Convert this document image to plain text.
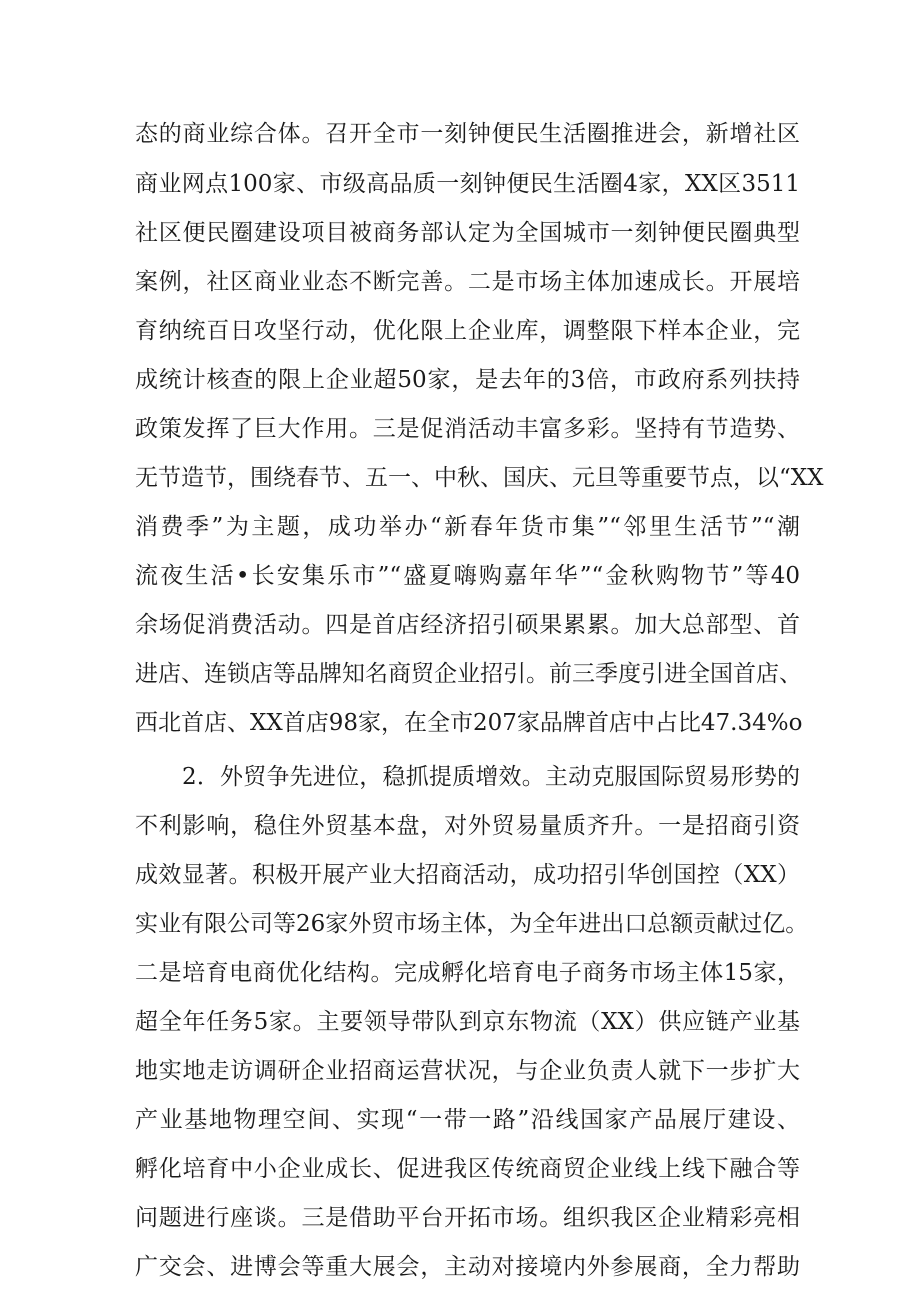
态的商业综合体。召开全市一刻钟便民生活圈推进会，新增社区
商业网点100家、市级高品质一刻钟便民生活圈4家，XX区3511
社区便民圈建设项目被商务部认定为全国城市一刻钟便民圈典型
案例，社区商业业态不断完善。二是市场主体加速成长。开展培
育纳统百日攻坚行动，优化限上企业库，调整限下样本企业，完
成统计核查的限上企业超50家，是去年的3倍，市政府系列扶持
政策发挥了巨大作用。三是促消活动丰富多彩。坚持有节造势、
无节造节，围绕春节、五一、中秋、国庆、元旦等重要节点，以“XX
消费季”为主题，成功举办“新春年货市集”“邻里生活节”“潮
流夜生活•长安集乐市”“盛夏嗨购嘉年华”“金秋购物节”等40
余场促消费活动。四是首店经济招引硕果累累。加大总部型、首
进店、连锁店等品牌知名商贸企业招引。前三季度引进全国首店、
西北首店、XX首店98家，在全市207家品牌首店中占比47.34%o
2．外贸争先进位，稳抓提质增效。主动克服国际贸易形势的
不利影响，稳住外贸基本盘，对外贸易量质齐升。一是招商引资
成效显著。积极开展产业大招商活动，成功招引华创国控（XX）
实业有限公司等26家外贸市场主体，为全年进出口总额贡献过亿。
二是培育电商优化结构。完成孵化培育电子商务市场主体15家，
超全年任务5家。主要领导带队到京东物流（XX）供应链产业基
地实地走访调研企业招商运营状况，与企业负责人就下一步扩大
产业基地物理空间、实现“一带一路”沿线国家产品展厅建设、
孵化培育中小企业成长、促进我区传统商贸企业线上线下融合等
问题进行座谈。三是借助平台开拓市场。组织我区企业精彩亮相
广交会、进博会等重大展会，主动对接境内外参展商，全力帮助
